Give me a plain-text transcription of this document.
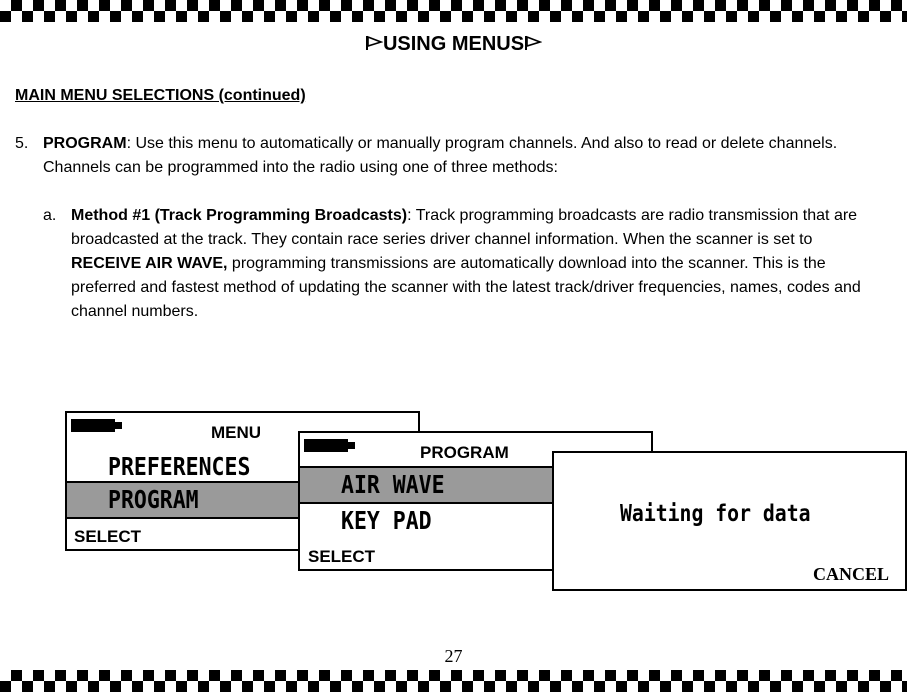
USING MENUS
MAIN MENU SELECTIONS (continued)
5. PROGRAM: Use this menu to automatically or manually program channels. And also to read or delete channels. Channels can be programmed into the radio using one of three methods:
a. Method #1 (Track Programming Broadcasts): Track programming broadcasts are radio transmission that are broadcasted at the track. They contain race series driver channel information. When the scanner is set to RECEIVE AIR WAVE, programming transmissions are automatically download into the scanner. This is the preferred and fastest method of updating the scanner with the latest track/driver frequencies, names, codes and channel numbers.
MENU
PREFERENCES
PROGRAM
SELECT
PROGRAM
AIR WAVE
KEY PAD
SELECT
Waiting for data
CANCEL
27
